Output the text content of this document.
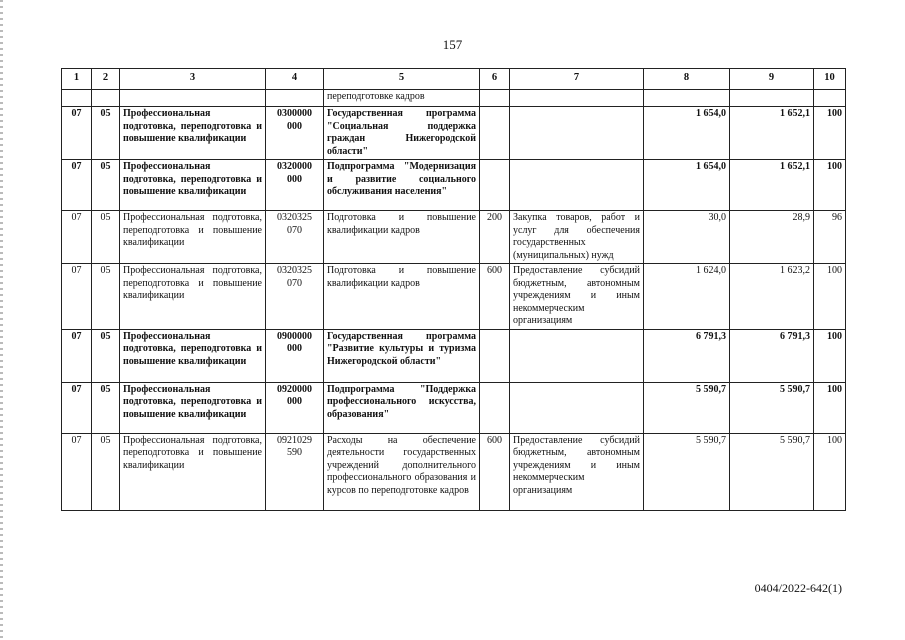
157
1	2	3	4	5	6	7	8	9	10
				переподготовке кадров					
07	05	Профессиональная подготовка, переподготовка и повышение квалификации	0300000 000	Государственная программа "Социальная поддержка граждан Нижегородской области"			1 654,0	1 652,1	100
07	05	Профессиональная подготовка, переподготовка и повышение квалификации	0320000 000	Подпрограмма "Модернизация и развитие социального обслуживания населения"			1 654,0	1 652,1	100
07	05	Профессиональная подготовка, переподготовка и повышение квалификации	0320325 070	Подготовка и повышение квалификации кадров	200	Закупка товаров, работ и услуг для обеспечения государственных (муниципальных) нужд	30,0	28,9	96
07	05	Профессиональная подготовка, переподготовка и повышение квалификации	0320325 070	Подготовка и повышение квалификации кадров	600	Предоставление субсидий бюджетным, автономным учреждениям и иным некоммерческим организациям	1 624,0	1 623,2	100
07	05	Профессиональная подготовка, переподготовка и повышение квалификации	0900000 000	Государственная программа "Развитие культуры и туризма Нижегородской области"			6 791,3	6 791,3	100
07	05	Профессиональная подготовка, переподготовка и повышение квалификации	0920000 000	Подпрограмма "Поддержка профессионального искусства, образования"			5 590,7	5 590,7	100
07	05	Профессиональная подготовка, переподготовка и повышение квалификации	0921029 590	Расходы на обеспечение деятельности государственных учреждений дополнительного профессионального образования и курсов по переподготовке кадров	600	Предоставление субсидий бюджетным, автономным учреждениям и иным некоммерческим организациям	5 590,7	5 590,7	100
0404/2022-642(1)
